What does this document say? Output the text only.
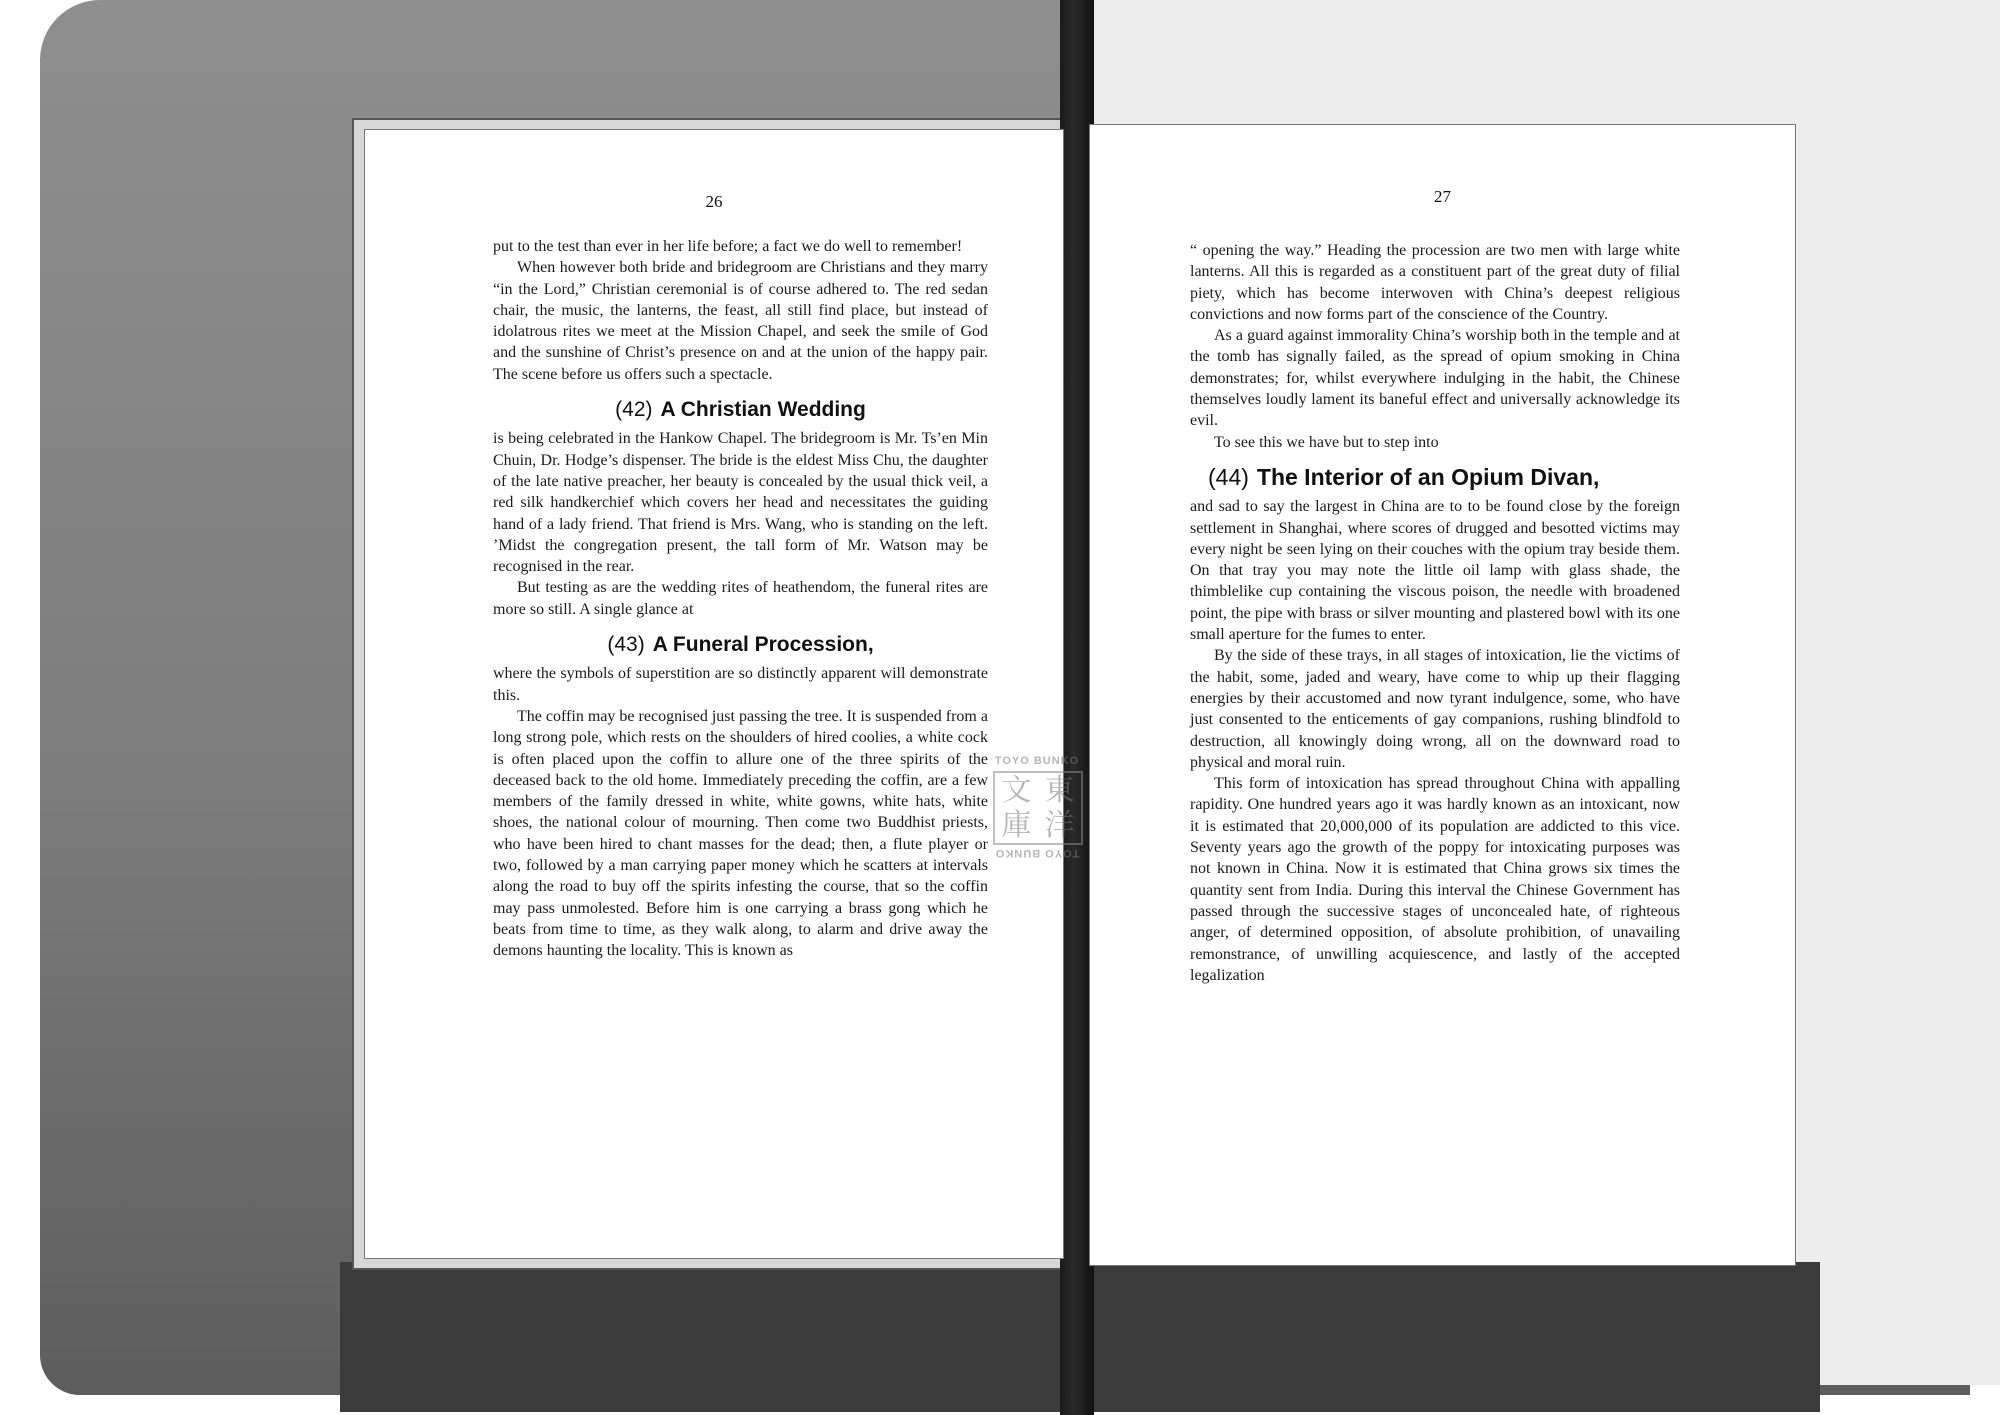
26

put to the test than ever in her life before; a fact we do well to remember!

When however both bride and bridegroom are Christians and they marry “in the Lord,” Christian ceremonial is of course adhered to. The red sedan chair, the music, the lanterns, the feast, all still find place, but instead of idolatrous rites we meet at the Mission Chapel, and seek the smile of God and the sunshine of Christ’s presence on and at the union of the happy pair. The scene before us offers such a spectacle.

(42) A Christian Wedding

is being celebrated in the Hankow Chapel. The bridegroom is Mr. Ts’en Min Chuin, Dr. Hodge’s dispenser. The bride is the eldest Miss Chu, the daughter of the late native preacher, her beauty is concealed by the usual thick veil, a red silk handkerchief which covers her head and necessitates the guiding hand of a lady friend. That friend is Mrs. Wang, who is standing on the left. ’Midst the congregation present, the tall form of Mr. Watson may be recognised in the rear.

But testing as are the wedding rites of heathendom, the funeral rites are more so still. A single glance at

(43) A Funeral Procession,

where the symbols of superstition are so distinctly apparent will demonstrate this.

The coffin may be recognised just passing the tree. It is suspended from a long strong pole, which rests on the shoulders of hired coolies, a white cock is often placed upon the coffin to allure one of the three spirits of the deceased back to the old home. Immediately preceding the coffin, are a few members of the family dressed in white, white gowns, white hats, white shoes, the national colour of mourning. Then come two Buddhist priests, who have been hired to chant masses for the dead; then, a flute player or two, followed by a man carrying paper money which he scatters at intervals along the road to buy off the spirits infesting the course, that so the coffin may pass unmolested. Before him is one carrying a brass gong which he beats from time to time, as they walk along, to alarm and drive away the demons haunting the locality. This is known as

27

“ opening the way.” Heading the procession are two men with large white lanterns. All this is regarded as a constituent part of the great duty of filial piety, which has become interwoven with China’s deepest religious convictions and now forms part of the conscience of the Country.

As a guard against immorality China’s worship both in the temple and at the tomb has signally failed, as the spread of opium smoking in China demonstrates; for, whilst everywhere indulging in the habit, the Chinese themselves loudly lament its baneful effect and universally acknowledge its evil.

To see this we have but to step into

(44) The Interior of an Opium Divan,

and sad to say the largest in China are to to be found close by the foreign settlement in Shanghai, where scores of drugged and besotted victims may every night be seen lying on their couches with the opium tray beside them. On that tray you may note the little oil lamp with glass shade, the thimblelike cup containing the viscous poison, the needle with broadened point, the pipe with brass or silver mounting and plastered bowl with its one small aperture for the fumes to enter.

By the side of these trays, in all stages of intoxication, lie the victims of the habit, some, jaded and weary, have come to whip up their flagging energies by their accustomed and now tyrant indulgence, some, who have just consented to the enticements of gay companions, rushing blindfold to destruction, all knowingly doing wrong, all on the downward road to physical and moral ruin.

This form of intoxication has spread throughout China with appalling rapidity. One hundred years ago it was hardly known as an intoxicant, now it is estimated that 20,000,000 of its population are addicted to this vice. Seventy years ago the growth of the poppy for intoxicating purposes was not known in China. Now it is estimated that China grows six times the quantity sent from India. During this interval the Chinese Government has passed through the successive stages of unconcealed hate, of righteous anger, of determined opposition, of absolute prohibition, of unavailing remonstrance, of unwilling acquiescence, and lastly of the accepted legalization

TOYO BUNKO
文 東
庫 洋
TOYO BUNKO
